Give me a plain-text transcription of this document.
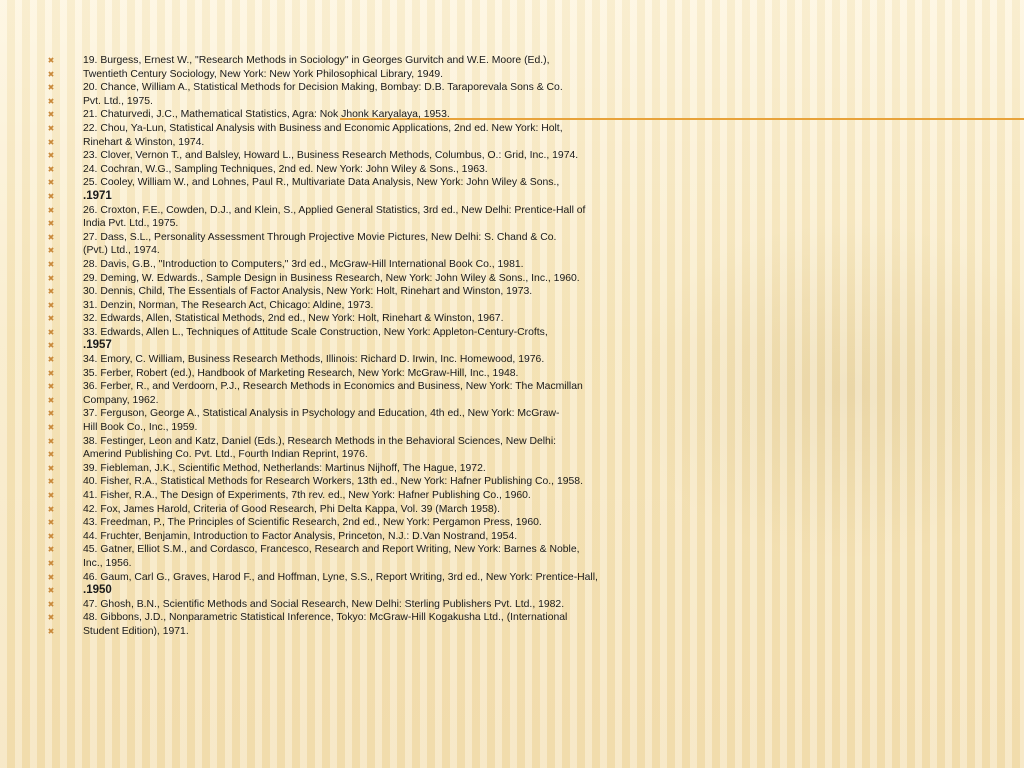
✖	19. Burgess, Ernest W., "Research Methods in Sociology" in Georges Gurvitch and W.E. Moore (Ed.),
✖	Twentieth Century Sociology, New York: New York Philosophical Library, 1949.
✖	20. Chance, William A., Statistical Methods for Decision Making, Bombay: D.B. Taraporevala Sons & Co.
✖	Pvt. Ltd., 1975.
✖	21. Chaturvedi, J.C., Mathematical Statistics, Agra: Nok Jhonk Karyalaya, 1953.
✖	22. Chou, Ya-Lun, Statistical Analysis with Business and Economic Applications, 2nd ed. New York: Holt,
✖	Rinehart & Winston, 1974.
✖	23. Clover, Vernon T., and Balsley, Howard L., Business Research Methods, Columbus, O.: Grid, Inc., 1974.
✖	24. Cochran, W.G., Sampling Techniques, 2nd ed. New York: John Wiley & Sons., 1963.
✖	25. Cooley, William W., and Lohnes, Paul R., Multivariate Data Analysis, New York: John Wiley & Sons.,
✖ .1971
✖	26. Croxton, F.E., Cowden, D.J., and Klein, S., Applied General Statistics, 3rd ed., New Delhi: Prentice-Hall of
✖	India Pvt. Ltd., 1975.
✖	27. Dass, S.L., Personality Assessment Through Projective Movie Pictures, New Delhi: S. Chand & Co.
✖	(Pvt.) Ltd., 1974.
✖	28. Davis, G.B., "Introduction to Computers," 3rd ed., McGraw-Hill International Book Co., 1981.
✖	29. Deming, W. Edwards., Sample Design in Business Research, New York: John Wiley & Sons., Inc., 1960.
✖	30. Dennis, Child, The Essentials of Factor Analysis, New York: Holt, Rinehart and Winston, 1973.
✖	31. Denzin, Norman, The Research Act, Chicago: Aldine, 1973.
✖	32. Edwards, Allen, Statistical Methods, 2nd ed., New York: Holt, Rinehart & Winston, 1967.
✖	33. Edwards, Allen L., Techniques of Attitude Scale Construction, New York: Appleton-Century-Crofts,
✖ .1957
✖	34. Emory, C. William, Business Research Methods, Illinois: Richard D. Irwin, Inc. Homewood, 1976.
✖	35. Ferber, Robert (ed.), Handbook of Marketing Research, New York: McGraw-Hill, Inc., 1948.
✖	36. Ferber, R., and Verdoorn, P.J., Research Methods in Economics and Business, New York: The Macmillan
✖	Company, 1962.
✖	37. Ferguson, George A., Statistical Analysis in Psychology and Education, 4th ed., New York: McGraw-
✖	Hill Book Co., Inc., 1959.
✖	38. Festinger, Leon and Katz, Daniel (Eds.), Research Methods in the Behavioral Sciences, New Delhi:
✖	Amerind Publishing Co. Pvt. Ltd., Fourth Indian Reprint, 1976.
✖	39. Fiebleman, J.K., Scientific Method, Netherlands: Martinus Nijhoff, The Hague, 1972.
✖	40. Fisher, R.A., Statistical Methods for Research Workers, 13th ed., New York: Hafner Publishing Co., 1958.
✖	41. Fisher, R.A., The Design of Experiments, 7th rev. ed., New York: Hafner Publishing Co., 1960.
✖	42. Fox, James Harold, Criteria of Good Research, Phi Delta Kappa, Vol. 39 (March 1958).
✖	43. Freedman, P., The Principles of Scientific Research, 2nd ed., New York: Pergamon Press, 1960.
✖	44. Fruchter, Benjamin, Introduction to Factor Analysis, Princeton, N.J.: D.Van Nostrand, 1954.
✖	45. Gatner, Elliot S.M., and Cordasco, Francesco, Research and Report Writing, New York: Barnes & Noble,
✖	Inc., 1956.
✖	46. Gaum, Carl G., Graves, Harod F., and Hoffman, Lyne, S.S., Report Writing, 3rd ed., New York: Prentice-Hall,
✖ .1950
✖	47. Ghosh, B.N., Scientific Methods and Social Research, New Delhi: Sterling Publishers Pvt. Ltd., 1982.
✖	48. Gibbons, J.D., Nonparametric Statistical Inference, Tokyo: McGraw-Hill Kogakusha Ltd., (International
✖	Student Edition), 1971.
